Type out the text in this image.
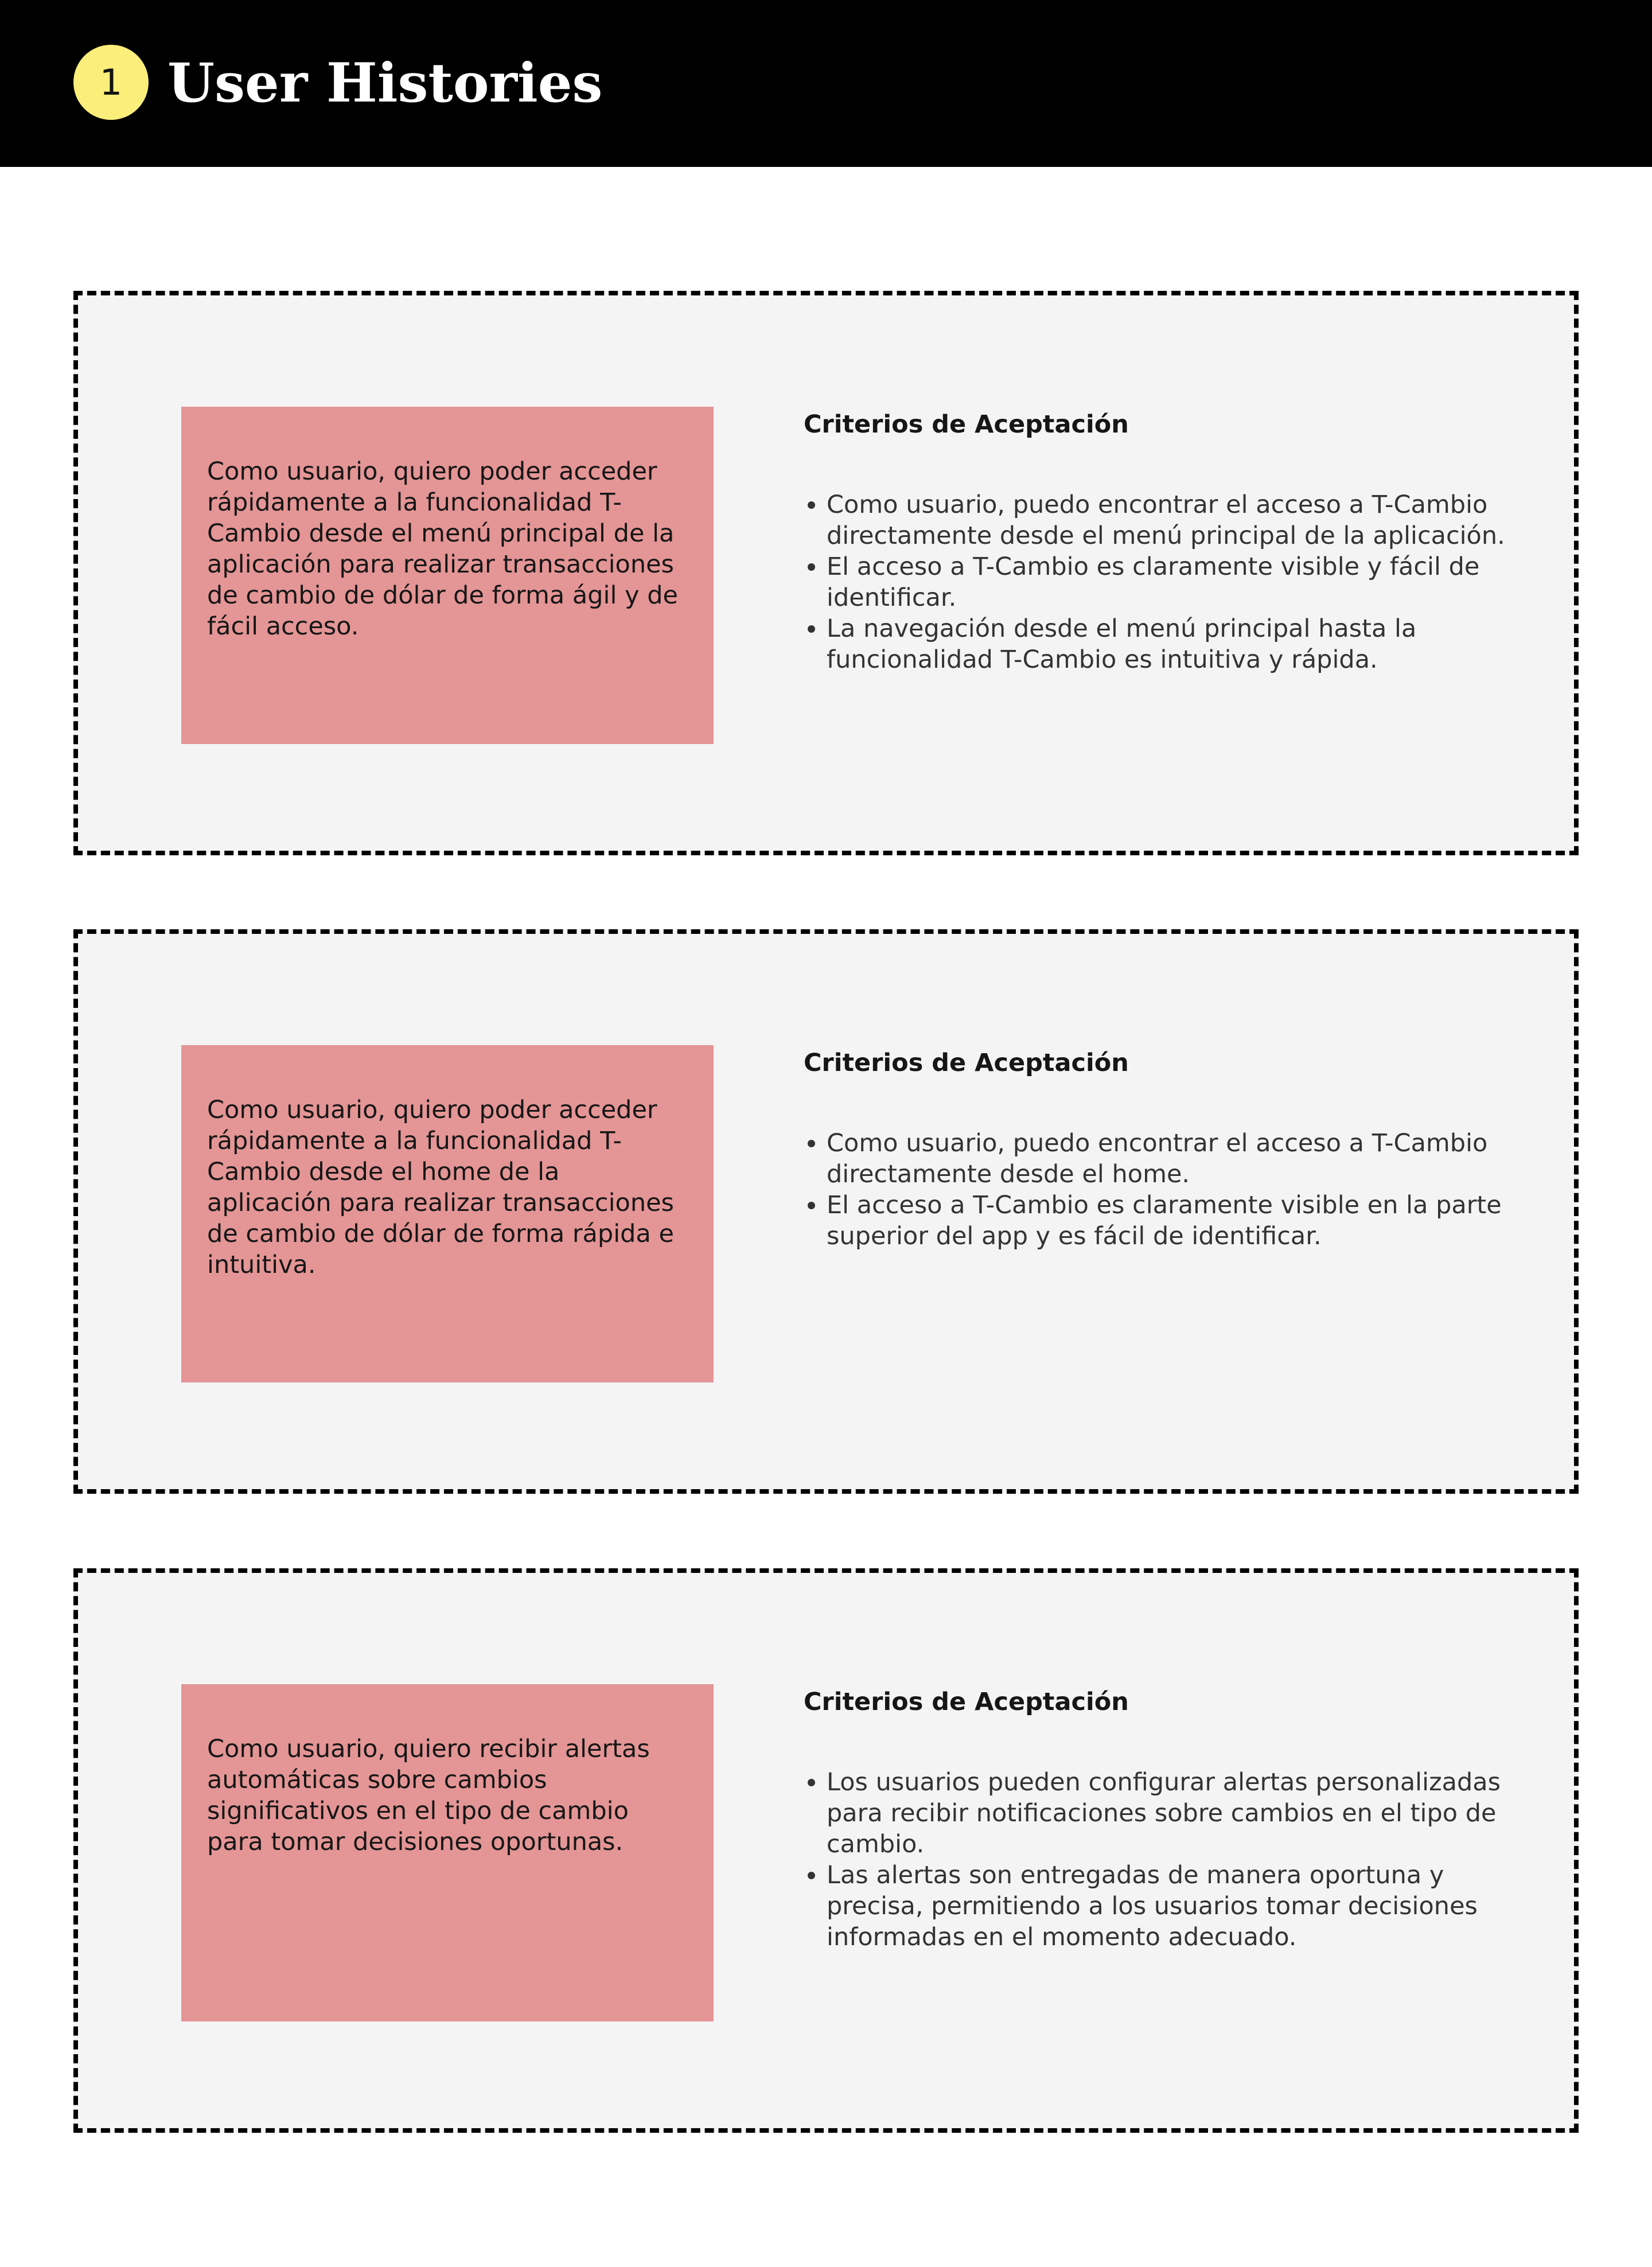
1 User Histories
Como usuario, quiero poder acceder rápidamente a la funcionalidad T-Cambio desde el menú principal de la aplicación para realizar transacciones de cambio de dólar de forma ágil y de fácil acceso.
Criterios de Aceptación
• Como usuario, puedo encontrar el acceso a T-Cambio directamente desde el menú principal de la aplicación.
• El acceso a T-Cambio es claramente visible y fácil de identificar.
• La navegación desde el menú principal hasta la funcionalidad T-Cambio es intuitiva y rápida.
Como usuario, quiero poder acceder rápidamente a la funcionalidad T-Cambio desde el home de la aplicación para realizar transacciones de cambio de dólar de forma rápida e intuitiva.
Criterios de Aceptación
• Como usuario, puedo encontrar el acceso a T-Cambio directamente desde el home.
• El acceso a T-Cambio es claramente visible en la parte superior del app y es fácil de identificar.
Como usuario, quiero recibir alertas automáticas sobre cambios significativos en el tipo de cambio para tomar decisiones oportunas.
Criterios de Aceptación
• Los usuarios pueden configurar alertas personalizadas para recibir notificaciones sobre cambios en el tipo de cambio.
• Las alertas son entregadas de manera oportuna y precisa, permitiendo a los usuarios tomar decisiones informadas en el momento adecuado.
